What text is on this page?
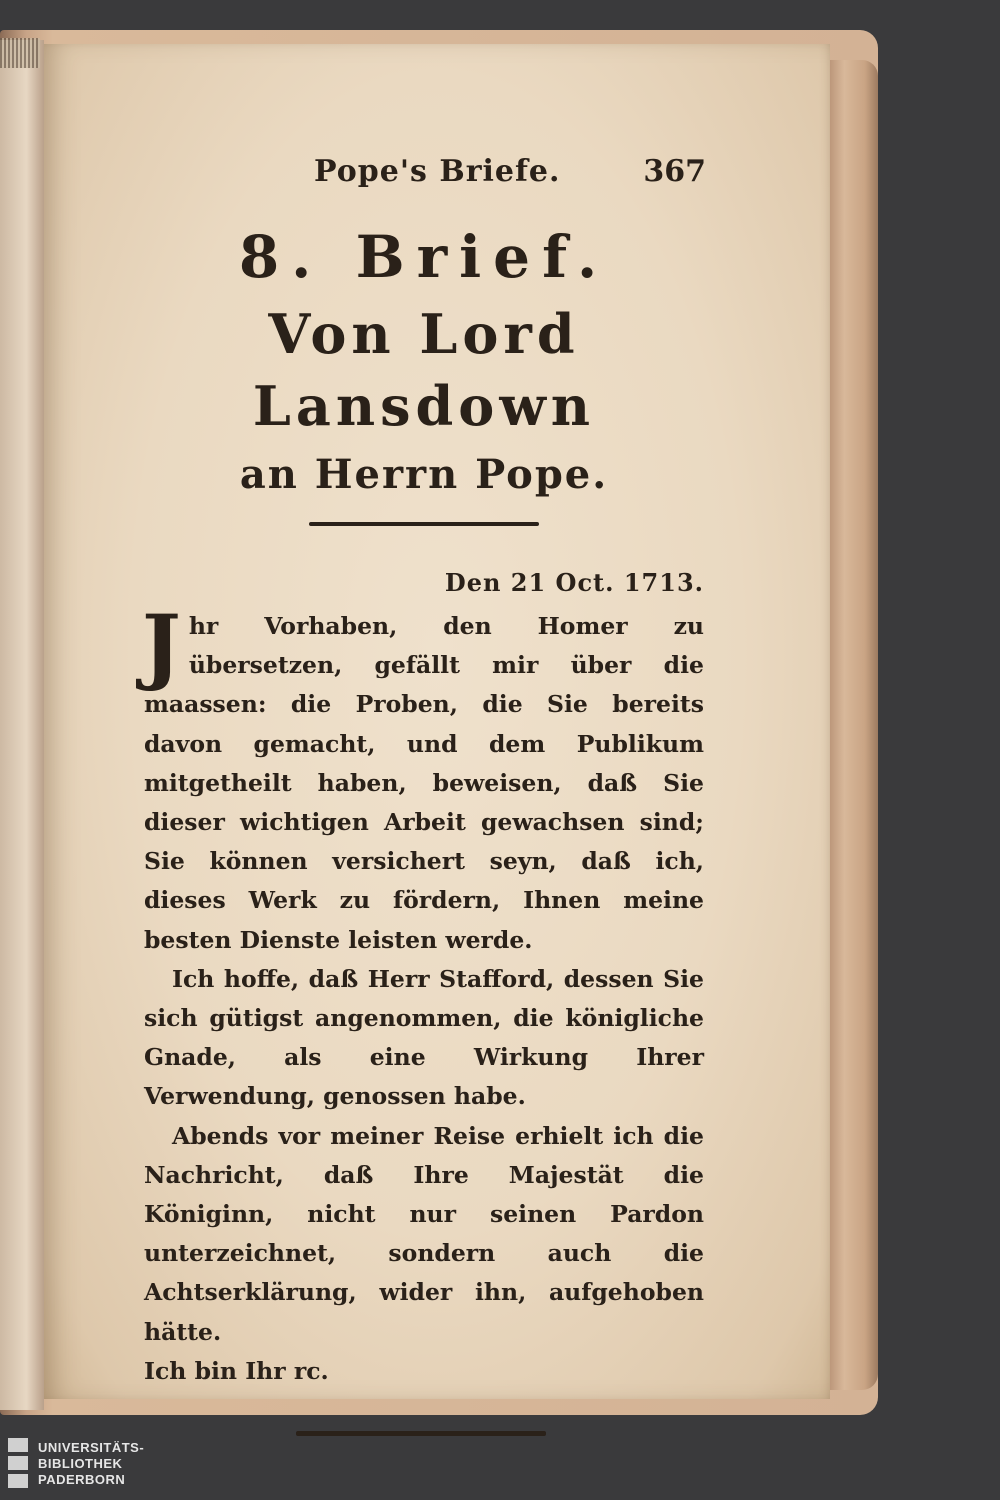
Pope's Briefe.	367
8. Brief.
Von Lord Lansdown
an Herrn Pope.
Den 21 Oct. 1713.

J hr Vorhaben, den Homer zu übersetzen, gefällt mir über die maassen: die Proben, die Sie bereits davon gemacht, und dem Publikum mitgetheilt haben, beweisen, daß Sie dieser wichtigen Arbeit gewachsen sind; Sie können versichert seyn, daß ich, dieses Werk zu fördern, Ihnen meine besten Dienste leisten werde.

Ich hoffe, daß Herr Stafford, dessen Sie sich gütigst angenommen, die königliche Gnade, als eine Wirkung Ihrer Verwendung, genossen habe.

Abends vor meiner Reise erhielt ich die Nachricht, daß Ihre Majestät die Königinn, nicht nur seinen Pardon unterzeichnet, sondern auch die Achtserklärung, wider ihn, aufgehoben hätte.

Ich bin Ihr rc.

UNIVERSITÄTS-
BIBLIOTHEK
PADERBORN
